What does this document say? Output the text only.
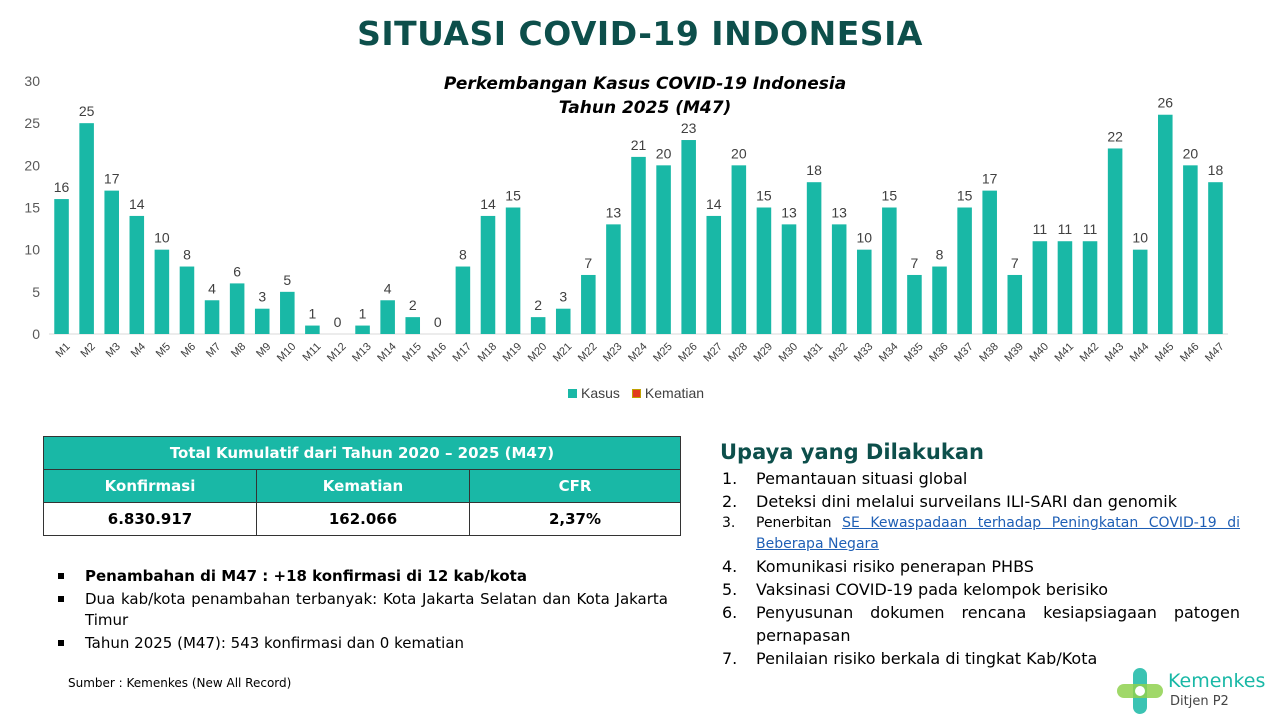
SITUASI COVID-19 INDONESIA
Perkembangan Kasus COVID-19 Indonesia
Tahun 2025 (M47)
0
5
10
15
20
25
30
16
M1
25
M2
17
M3
14
M4
10
M5
8
M6
4
M7
6
M8
3
M9
5
M10
1
M11
0
M12
1
M13
4
M14
2
M15
0
M16
8
M17
14
M18
15
M19
2
M20
3
M21
7
M22
13
M23
21
M24
20
M25
23
M26
14
M27
20
M28
15
M29
13
M30
18
M31
13
M32
10
M33
15
M34
7
M35
8
M36
15
M37
17
M38
7
M39
11
M40
11
M41
11
M42
22
M43
10
M44
26
M45
20
M46
18
M47
Kasus Kematian
Total Kumulatif dari Tahun 2020 – 2025 (M47)		
Konfirmasi	Kematian	CFR
6.830.917	162.066	2,37%
Penambahan di M47 : +18 konfirmasi di 12 kab/kota
Dua kab/kota penambahan terbanyak: Kota Jakarta Selatan dan Kota Jakarta Timur
Tahun 2025 (M47): 543 konfirmasi dan 0 kematian
Sumber : Kemenkes (New All Record)
Upaya yang Dilakukan
1.	Pemantauan situasi global
2.	Deteksi dini melalui surveilans ILI-SARI dan genomik
3.	Penerbitan SE Kewaspadaan terhadap Peningkatan COVID-19 di Beberapa Negara
4.	Komunikasi risiko penerapan PHBS
5.	Vaksinasi COVID-19 pada kelompok berisiko
6.	Penyusunan dokumen rencana kesiapsiagaan patogen pernapasan
7.	Penilaian risiko berkala di tingkat Kab/Kota
Kemenkes
Ditjen P2
